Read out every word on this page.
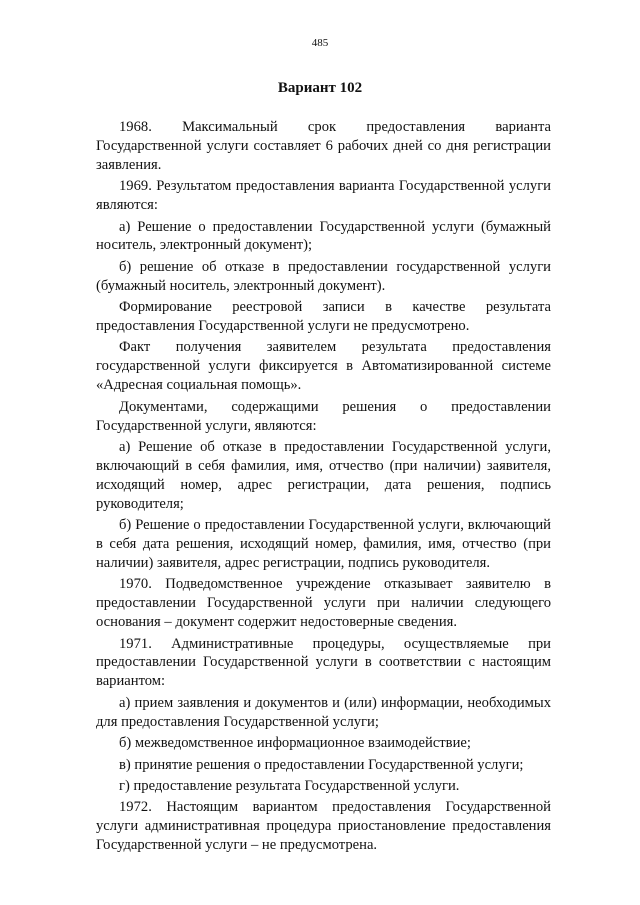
485
Вариант 102

1968. Максимальный срок предоставления варианта Государственной услуги составляет 6 рабочих дней со дня регистрации заявления.

1969. Результатом предоставления варианта Государственной услуги являются:

а) Решение о предоставлении Государственной услуги (бумажный носитель, электронный документ);

б) решение об отказе в предоставлении государственной услуги (бумажный носитель, электронный документ).

Формирование реестровой записи в качестве результата предоставления Государственной услуги не предусмотрено.

Факт получения заявителем результата предоставления государственной услуги фиксируется в Автоматизированной системе «Адресная социальная помощь».

Документами, содержащими решения о предоставлении Государственной услуги, являются:

а) Решение об отказе в предоставлении Государственной услуги, включающий в себя фамилия, имя, отчество (при наличии) заявителя, исходящий номер, адрес регистрации, дата решения, подпись руководителя;

б) Решение о предоставлении Государственной услуги, включающий в себя дата решения, исходящий номер, фамилия, имя, отчество (при наличии) заявителя, адрес регистрации, подпись руководителя.

1970. Подведомственное учреждение отказывает заявителю в предоставлении Государственной услуги при наличии следующего основания – документ содержит недостоверные сведения.

1971. Административные процедуры, осуществляемые при предоставлении Государственной услуги в соответствии с настоящим вариантом:

а) прием заявления и документов и (или) информации, необходимых для предоставления Государственной услуги;

б) межведомственное информационное взаимодействие;

в) принятие решения о предоставлении Государственной услуги;

г) предоставление результата Государственной услуги.

1972. Настоящим вариантом предоставления Государственной услуги административная процедура приостановление предоставления Государственной услуги – не предусмотрена.
